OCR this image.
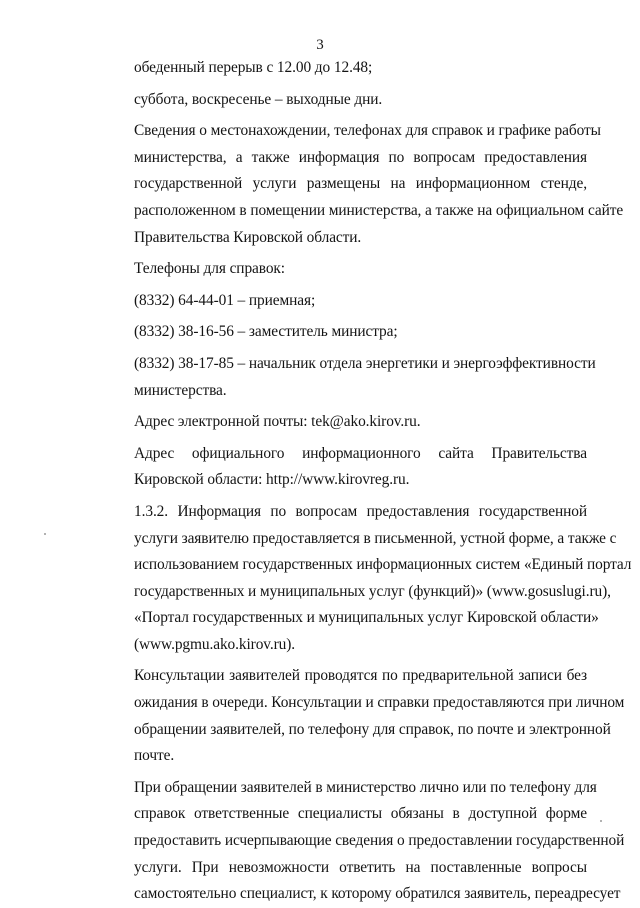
3
обеденный перерыв с 12.00 до 12.48;
суббота, воскресенье – выходные дни.
Сведения о местонахождении, телефонах для справок и графике работы
министерства, а также информация по вопросам предоставления
государственной услуги размещены на информационном стенде,
расположенном в помещении министерства, а также на официальном сайте
Правительства Кировской области.
Телефоны для справок:
(8332) 64-44-01 – приемная;
(8332) 38-16-56 – заместитель министра;
(8332) 38-17-85 – начальник отдела энергетики и энергоэффективности
министерства.
Адрес электронной почты: tek@ako.kirov.ru.
Адрес официального информационного сайта Правительства
Кировской области: http://www.kirovreg.ru.
1.3.2. Информация по вопросам предоставления государственной
услуги заявителю предоставляется в письменной, устной форме, а также с
использованием государственных информационных систем «Единый портал
государственных и муниципальных услуг (функций)» (www.gosuslugi.ru),
«Портал государственных и муниципальных услуг Кировской области»
(www.pgmu.ako.kirov.ru).
Консультации заявителей проводятся по предварительной записи без
ожидания в очереди. Консультации и справки предоставляются при личном
обращении заявителей, по телефону для справок, по почте и электронной
почте.
При обращении заявителей в министерство лично или по телефону для
справок ответственные специалисты обязаны в доступной форме
предоставить исчерпывающие сведения о предоставлении государственной
услуги. При невозможности ответить на поставленные вопросы
самостоятельно специалист, к которому обратился заявитель, переадресует
